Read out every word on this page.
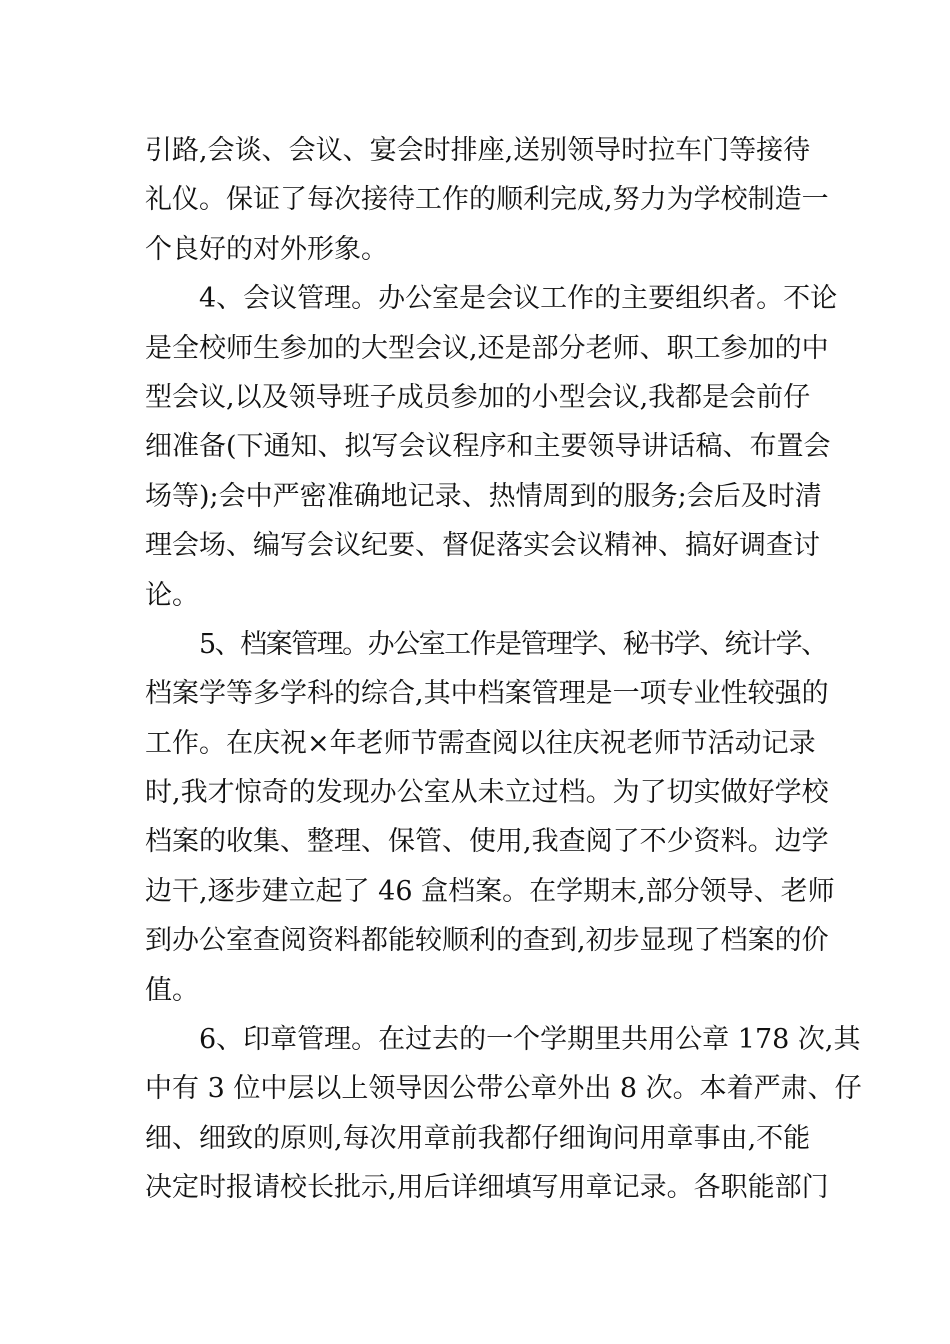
引路,会谈、会议、宴会时排座,送别领导时拉车门等接待
礼仪。保证了每次接待工作的顺利完成,努力为学校制造一
个良好的对外形象。
4、会议管理。办公室是会议工作的主要组织者。不论
是全校师生参加的大型会议,还是部分老师、职工参加的中
型会议,以及领导班子成员参加的小型会议,我都是会前仔
细准备(下通知、拟写会议程序和主要领导讲话稿、布置会
场等);会中严密准确地记录、热情周到的服务;会后及时清
理会场、编写会议纪要、督促落实会议精神、搞好调查讨
论。
5、档案管理。办公室工作是管理学、秘书学、统计学、
档案学等多学科的综合,其中档案管理是一项专业性较强的
工作。在庆祝×年老师节需查阅以往庆祝老师节活动记录
时,我才惊奇的发现办公室从未立过档。为了切实做好学校
档案的收集、整理、保管、使用,我查阅了不少资料。边学
边干,逐步建立起了 46 盒档案。在学期末,部分领导、老师
到办公室查阅资料都能较顺利的查到,初步显现了档案的价
值。
6、印章管理。在过去的一个学期里共用公章 178 次,其
中有 3 位中层以上领导因公带公章外出 8 次。本着严肃、仔
细、细致的原则,每次用章前我都仔细询问用章事由,不能
决定时报请校长批示,用后详细填写用章记录。各职能部门
